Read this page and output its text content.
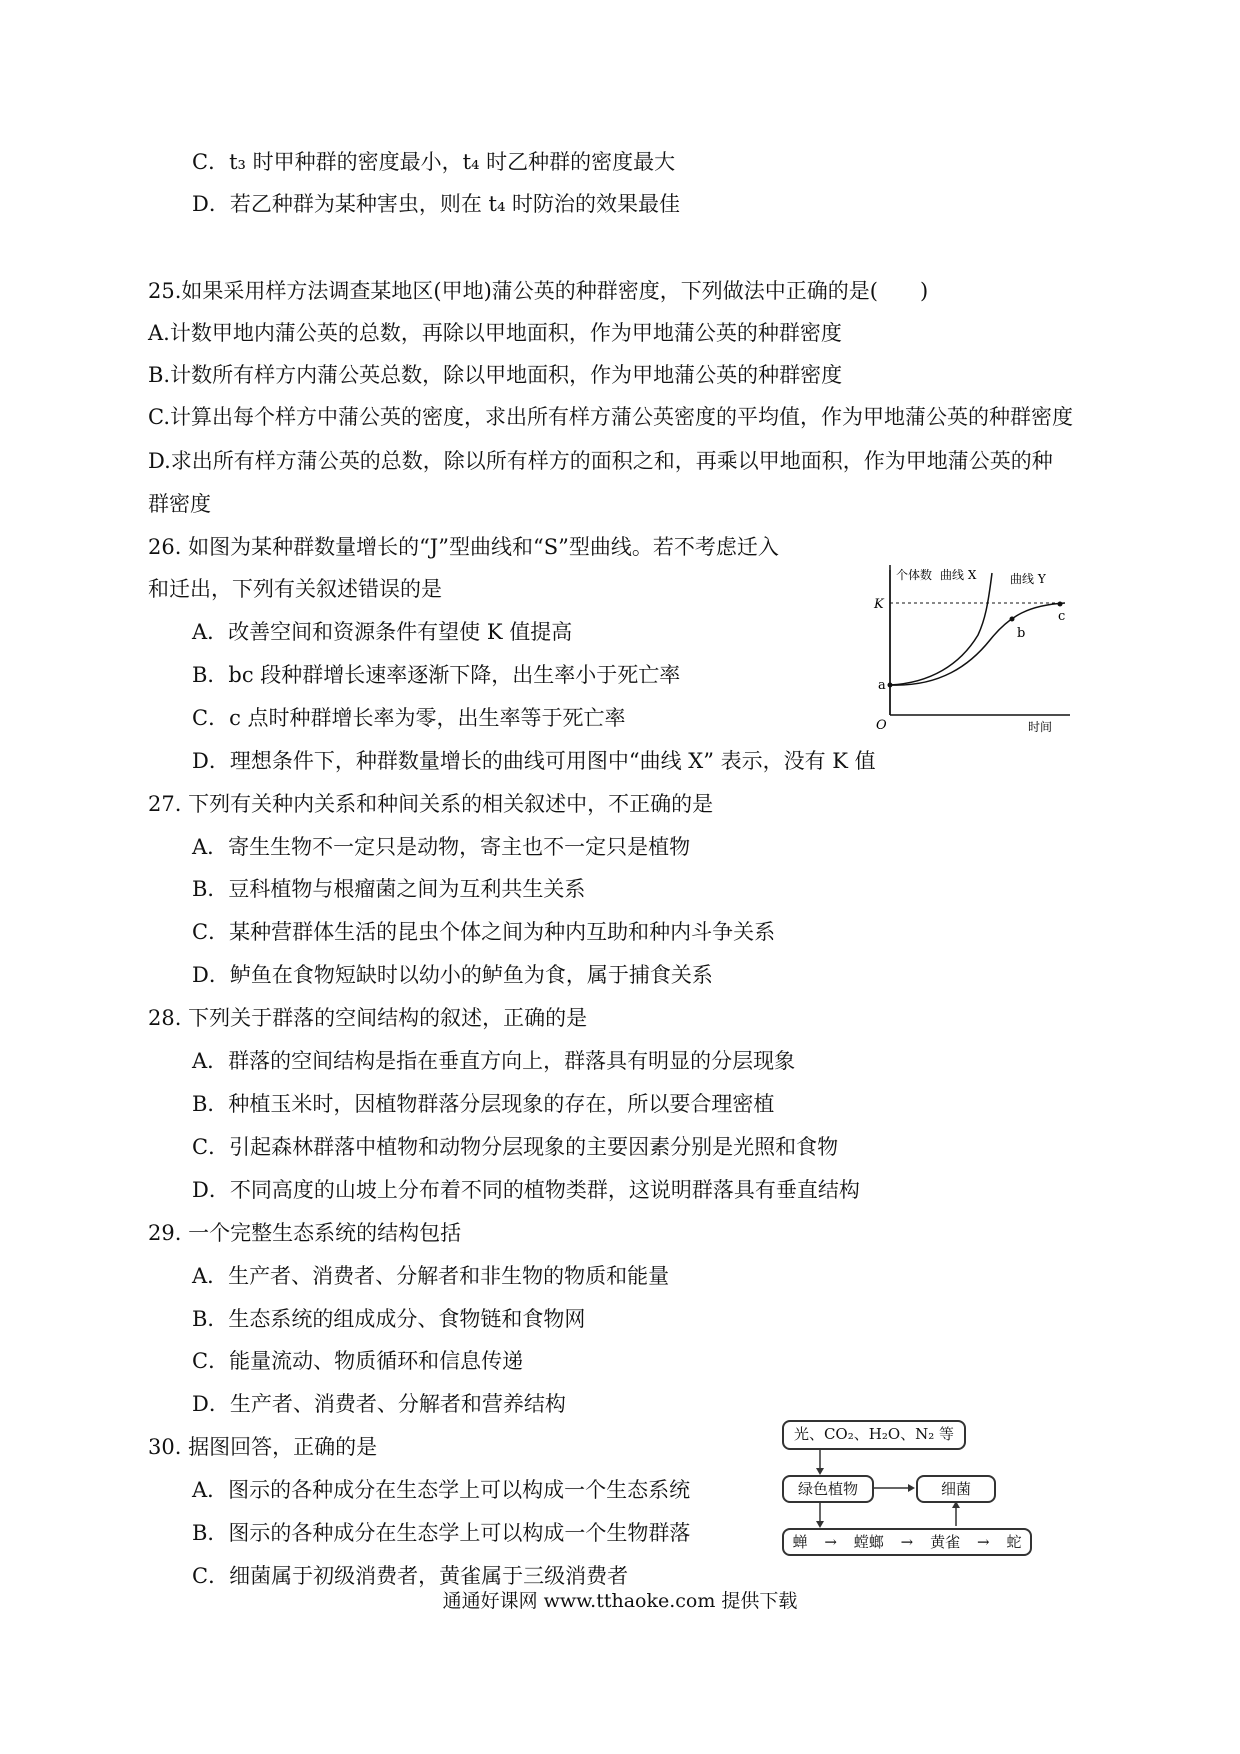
C．t₃ 时甲种群的密度最小，t₄ 时乙种群的密度最大
D．若乙种群为某种害虫，则在 t₄ 时防治的效果最佳
25.如果采用样方法调查某地区(甲地)蒲公英的种群密度，下列做法中正确的是(　　)
A.计数甲地内蒲公英的总数，再除以甲地面积，作为甲地蒲公英的种群密度
B.计数所有样方内蒲公英总数，除以甲地面积，作为甲地蒲公英的种群密度
C.计算出每个样方中蒲公英的密度，求出所有样方蒲公英密度的平均值，作为甲地蒲公英的种群密度
D.求出所有样方蒲公英的总数，除以所有样方的面积之和，再乘以甲地面积，作为甲地蒲公英的种
群密度
26. 如图为某种群数量增长的“J”型曲线和“S”型曲线。若不考虑迁入
和迁出，下列有关叙述错误的是
A．改善空间和资源条件有望使 K 值提高
B．bc 段种群增长速率逐渐下降，出生率小于死亡率
C．c 点时种群增长率为零，出生率等于死亡率
D．理想条件下，种群数量增长的曲线可用图中“曲线 X” 表示，没有 K 值
个体数 曲线 X	曲线 Y
K
a
b
c
O	时间
27. 下列有关种内关系和种间关系的相关叙述中，不正确的是
A．寄生生物不一定只是动物，寄主也不一定只是植物
B．豆科植物与根瘤菌之间为互利共生关系
C．某种营群体生活的昆虫个体之间为种内互助和种内斗争关系
D．鲈鱼在食物短缺时以幼小的鲈鱼为食，属于捕食关系
28. 下列关于群落的空间结构的叙述，正确的是
A．群落的空间结构是指在垂直方向上，群落具有明显的分层现象
B．种植玉米时，因植物群落分层现象的存在，所以要合理密植
C．引起森林群落中植物和动物分层现象的主要因素分别是光照和食物
D．不同高度的山坡上分布着不同的植物类群，这说明群落具有垂直结构
29. 一个完整生态系统的结构包括
A．生产者、消费者、分解者和非生物的物质和能量
B．生态系统的组成成分、食物链和食物网
C．能量流动、物质循环和信息传递
D．生产者、消费者、分解者和营养结构
30. 据图回答，正确的是
A．图示的各种成分在生态学上可以构成一个生态系统
B．图示的各种成分在生态学上可以构成一个生物群落
C．细菌属于初级消费者，黄雀属于三级消费者
光、CO₂、H₂O、N₂ 等
绿色植物	细菌
蝉 → 螳螂 → 黄雀 → 蛇
通通好课网 www.tthaoke.com 提供下载
